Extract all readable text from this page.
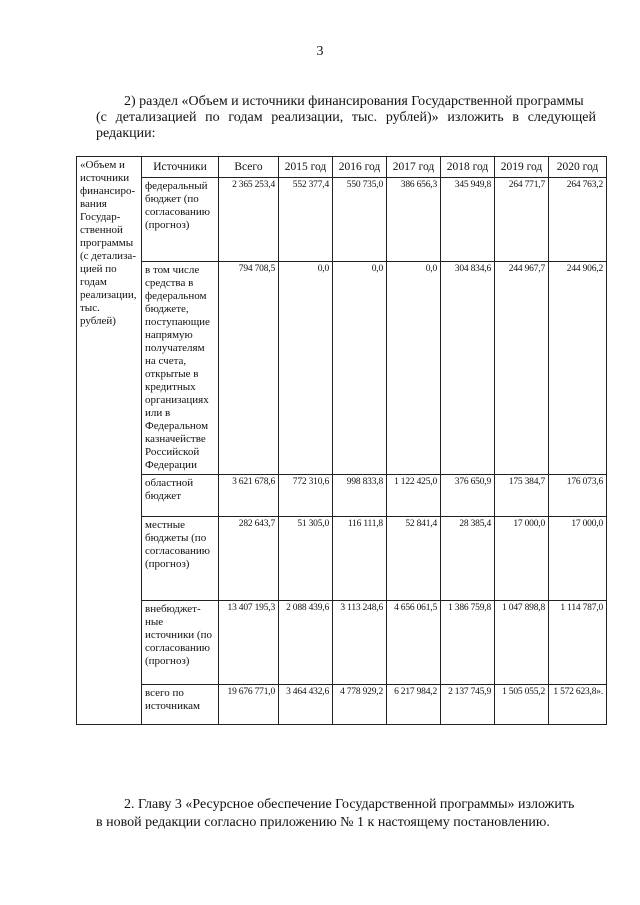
3
2) раздел «Объем и источники финансирования Государственной программы
(с детализацией по годам реализации, тыс. рублей)» изложить в следующей редакции:
«Объем и источники финансирования Государственной программы (с детализацией по годам реализации, тыс. рублей)	Источники	Всего	2015 год	2016 год	2017 год	2018 год	2019 год	2020 год
	федеральный бюджет (по согласованию (прогноз)	2 365 253,4	552 377,4	550 735,0	386 656,3	345 949,8	264 771,7	264 763,2
	в том числе средства в федеральном бюджете, поступающие напрямую получателям на счета, открытые в кредитных организациях или в Федеральном казначействе Российской Федерации	794 708,5	0,0	0,0	0,0	304 834,6	244 967,7	244 906,2
	областной бюджет	3 621 678,6	772 310,6	998 833,8	1 122 425,0	376 650,9	175 384,7	176 073,6
	местные бюджеты (по согласованию (прогноз)	282 643,7	51 305,0	116 111,8	52 841,4	28 385,4	17 000,0	17 000,0
	внебюджетные источники (по согласованию (прогноз)	13 407 195,3	2 088 439,6	3 113 248,6	4 656 061,5	1 386 759,8	1 047 898,8	1 114 787,0
	всего по источникам	19 676 771,0	3 464 432,6	4 778 929,2	6 217 984,2	2 137 745,9	1 505 055,2	1 572 623,8».
2. Главу 3 «Ресурсное обеспечение Государственной программы» изложить
в новой редакции согласно приложению № 1 к настоящему постановлению.
